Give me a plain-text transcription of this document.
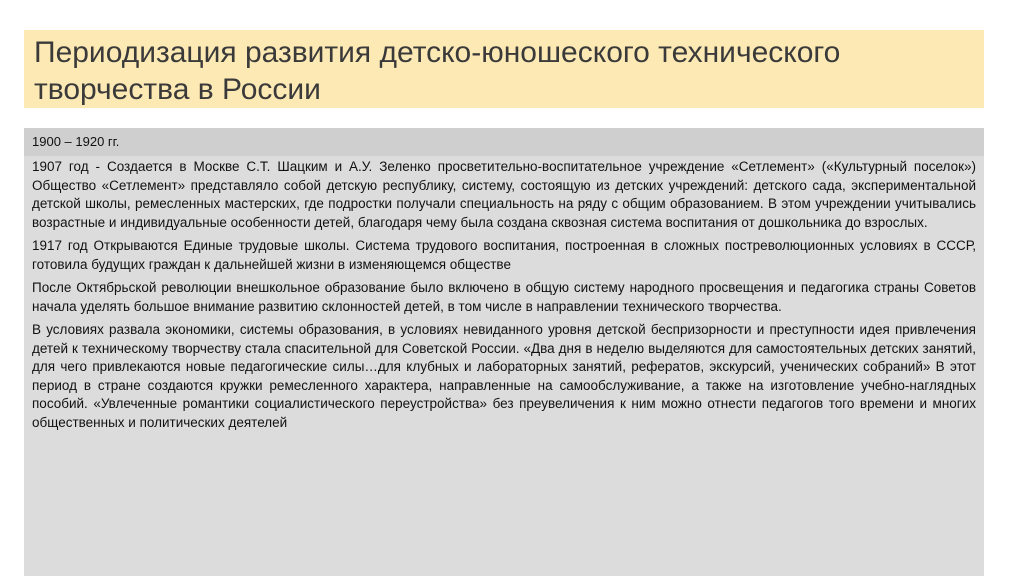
Периодизация развития детско-юношеского технического
творчества в России
1900 – 1920 гг.

1907 год - Создается в Москве С.Т. Шацким и А.У. Зеленко просветительно-воспитательное учреждение «Сетлемент» («Культурный поселок») Общество «Сетлемент» представляло собой детскую республику, систему, состоящую из детских учреждений: детского сада, экспериментальной детской школы, ремесленных мастерских, где подростки получали специальность на ряду с общим образованием. В этом учреждении учитывались возрастные и индивидуальные особенности детей, благодаря чему была создана сквозная система воспитания от дошкольника до взрослых.

1917 год Открываются Единые трудовые школы. Система трудового воспитания, построенная в сложных постреволюционных условиях в СССР, готовила будущих граждан к дальнейшей жизни в изменяющемся обществе

После Октябрьской революции внешкольное образование было включено в общую систему народного просвещения и педагогика страны Советов начала уделять большое внимание развитию склонностей детей, в том числе в направлении технического творчества.

В условиях развала экономики, системы образования, в условиях невиданного уровня детской беспризорности и преступности идея привлечения детей к техническому творчеству стала спасительной для Советской России. «Два дня в неделю выделяются для самостоятельных детских занятий, для чего привлекаются новые педагогические силы…для клубных и лабораторных занятий, рефератов, экскурсий, ученических собраний» В этот период в стране создаются кружки ремесленного характера, направленные на самообслуживание, а также на изготовление учебно-наглядных пособий. «Увлеченные романтики социалистического переустройства» без преувеличения к ним можно отнести педагогов того времени и многих общественных и политических деятелей
